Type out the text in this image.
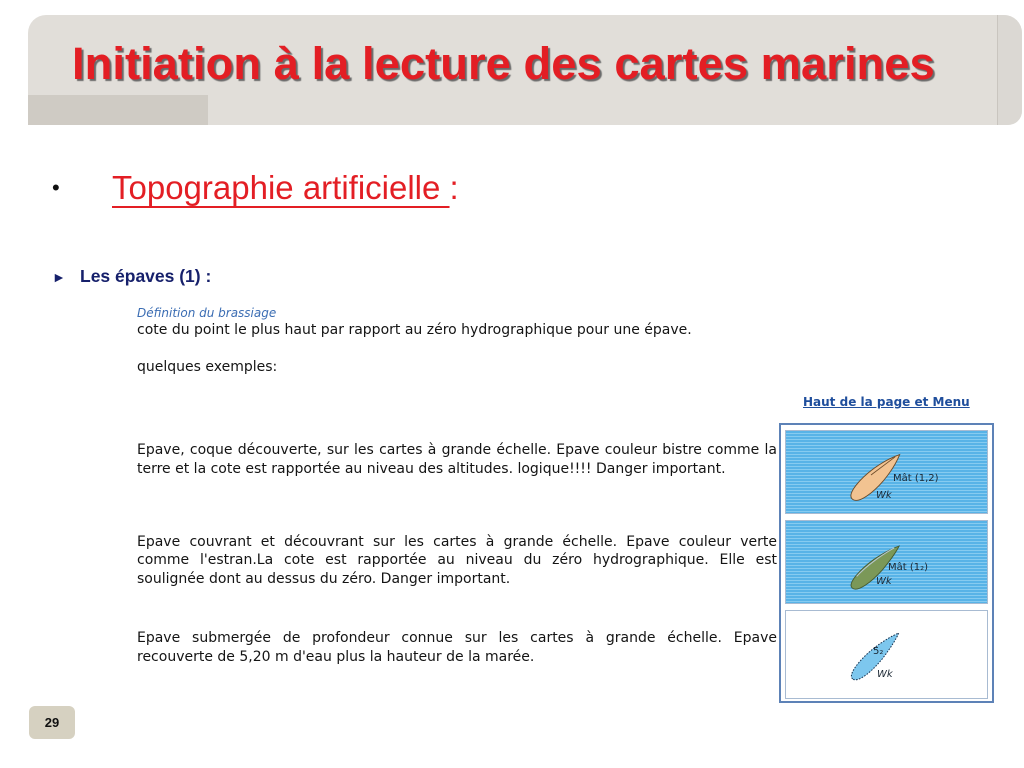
Initiation à la lecture des cartes marines
• Topographie artificielle :
► Les épaves (1) :
Définition du brassiage
cote du point le plus haut par rapport au zéro hydrographique pour une épave.
quelques exemples:
Haut de la page et Menu
Epave, coque découverte, sur les cartes à grande échelle. Epave couleur bistre comme la
terre et la cote est rapportée au niveau des altitudes. logique!!!! Danger important.
Epave couvrant et découvrant sur les cartes à grande échelle. Epave couleur verte
comme l'estran.La cote est rapportée au niveau du zéro hydrographique. Elle est
soulignée dont au dessus du zéro. Danger important.
Epave submergée de profondeur connue sur les cartes à grande échelle. Epave
recouverte de 5,20 m d'eau plus la hauteur de la marée.
Mât (1,2)
Wk
Mât (1₂)
Wk
5₂
Wk
29
